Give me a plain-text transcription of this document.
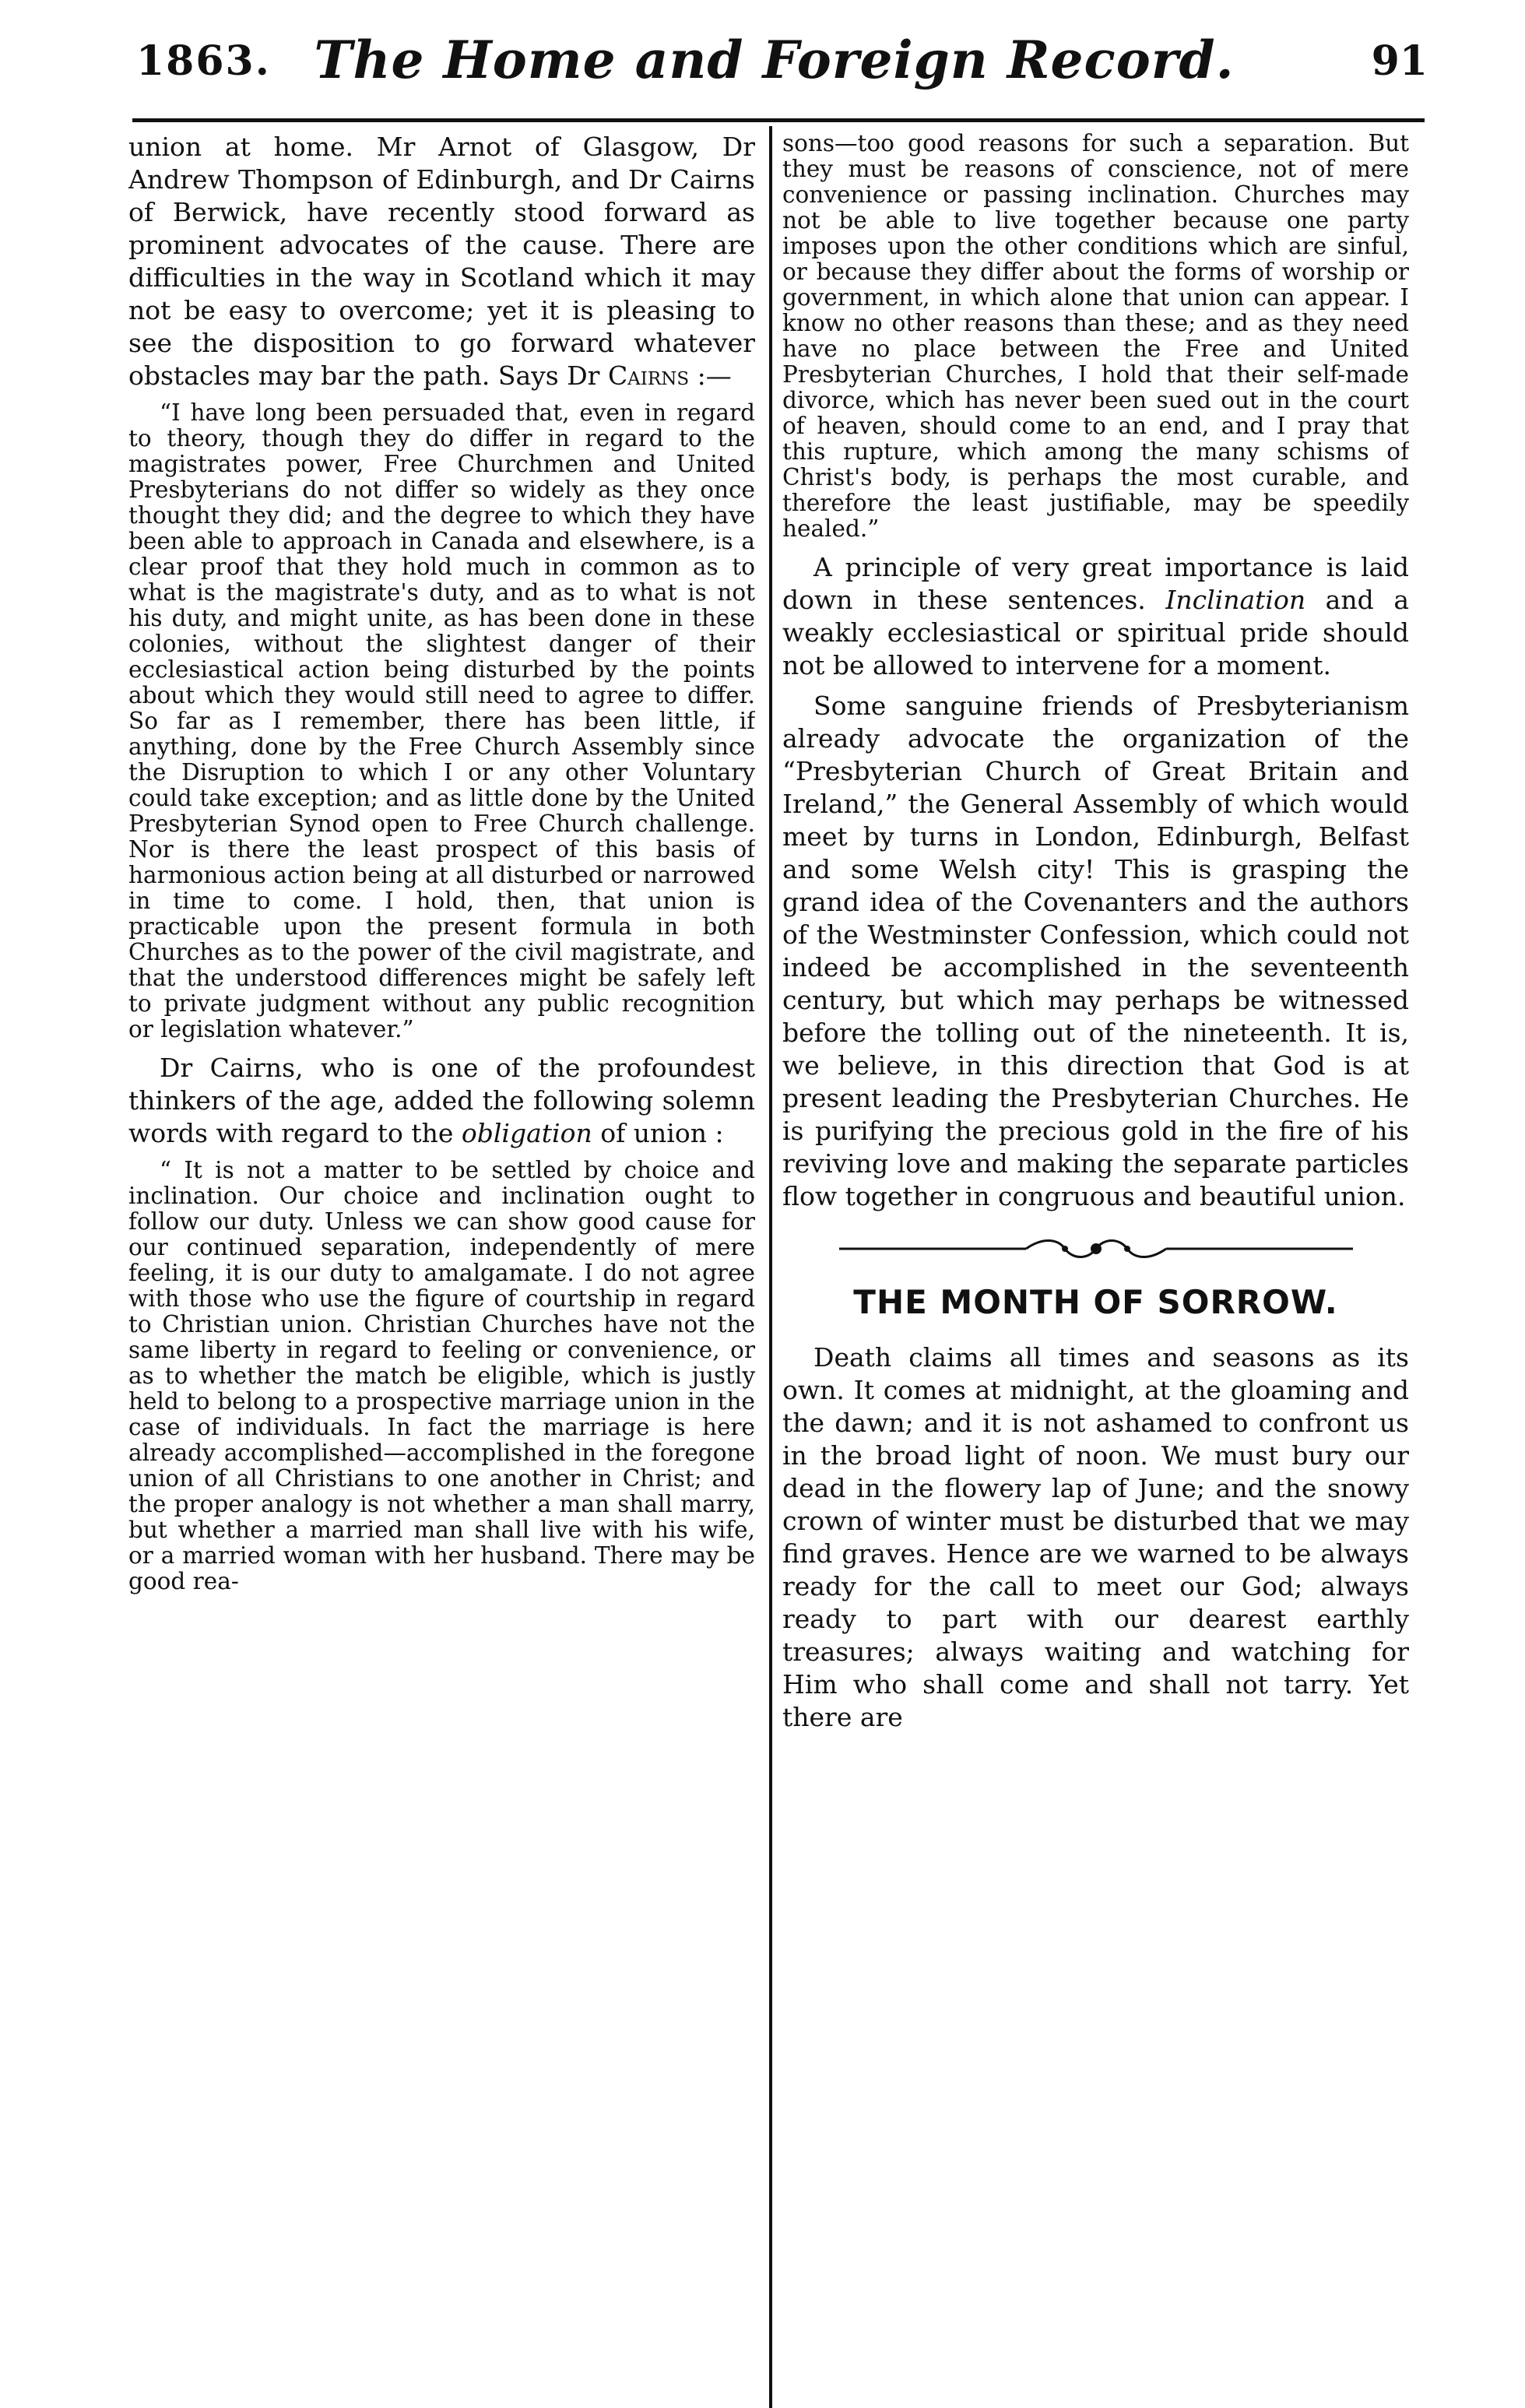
1863. The Home and Foreign Record.	91

union at home. Mr Arnot of Glasgow, Dr Andrew Thompson of Edinburgh, and Dr Cairns of Berwick, have recently stood forward as prominent advocates of the cause. There are difficulties in the way in Scotland which it may not be easy to overcome; yet it is pleasing to see the disposition to go forward whatever obstacles may bar the path. Says Dr Cairns :—

“I have long been persuaded that, even in regard to theory, though they do differ in regard to the magistrates power, Free Churchmen and United Presbyterians do not differ so widely as they once thought they did; and the degree to which they have been able to approach in Canada and elsewhere, is a clear proof that they hold much in common as to what is the magistrate's duty, and as to what is not his duty, and might unite, as has been done in these colonies, without the slightest danger of their ecclesiastical action being disturbed by the points about which they would still need to agree to differ. So far as I remember, there has been little, if anything, done by the Free Church Assembly since the Disruption to which I or any other Voluntary could take exception; and as little done by the United Presbyterian Synod open to Free Church challenge. Nor is there the least prospect of this basis of harmonious action being at all disturbed or narrowed in time to come. I hold, then, that union is practicable upon the present formula in both Churches as to the power of the civil magistrate, and that the understood differences might be safely left to private judgment without any public recognition or legislation whatever.”

Dr Cairns, who is one of the profoundest thinkers of the age, added the following solemn words with regard to the obligation of union :

“ It is not a matter to be settled by choice and inclination. Our choice and inclination ought to follow our duty. Unless we can show good cause for our continued separation, independently of mere feeling, it is our duty to amalgamate. I do not agree with those who use the figure of courtship in regard to Christian union. Christian Churches have not the same liberty in regard to feeling or convenience, or as to whether the match be eligible, which is justly held to belong to a prospective marriage union in the case of individuals. In fact the marriage is here already accomplished—accomplished in the foregone union of all Christians to one another in Christ; and the proper analogy is not whether a man shall marry, but whether a married man shall live with his wife, or a married woman with her husband. There may be good rea-

sons—too good reasons for such a separation. But they must be reasons of conscience, not of mere convenience or passing inclination. Churches may not be able to live together because one party imposes upon the other conditions which are sinful, or because they differ about the forms of worship or government, in which alone that union can appear. I know no other reasons than these; and as they need have no place between the Free and United Presbyterian Churches, I hold that their self-made divorce, which has never been sued out in the court of heaven, should come to an end, and I pray that this rupture, which among the many schisms of Christ's body, is perhaps the most curable, and therefore the least justifiable, may be speedily healed.”

A principle of very great importance is laid down in these sentences. Inclination and a weakly ecclesiastical or spiritual pride should not be allowed to intervene for a moment.

Some sanguine friends of Presbyterianism already advocate the organization of the “Presbyterian Church of Great Britain and Ireland,” the General Assembly of which would meet by turns in London, Edinburgh, Belfast and some Welsh city! This is grasping the grand idea of the Covenanters and the authors of the Westminster Confession, which could not indeed be accomplished in the seventeenth century, but which may perhaps be witnessed before the tolling out of the nineteenth. It is, we believe, in this direction that God is at present leading the Presbyterian Churches. He is purifying the precious gold in the fire of his reviving love and making the separate particles flow together in congruous and beautiful union.

THE MONTH OF SORROW.

Death claims all times and seasons as its own. It comes at midnight, at the gloaming and the dawn; and it is not ashamed to confront us in the broad light of noon. We must bury our dead in the flowery lap of June; and the snowy crown of winter must be disturbed that we may find graves. Hence are we warned to be always ready for the call to meet our God; always ready to part with our dearest earthly treasures; always waiting and watching for Him who shall come and shall not tarry. Yet there are
